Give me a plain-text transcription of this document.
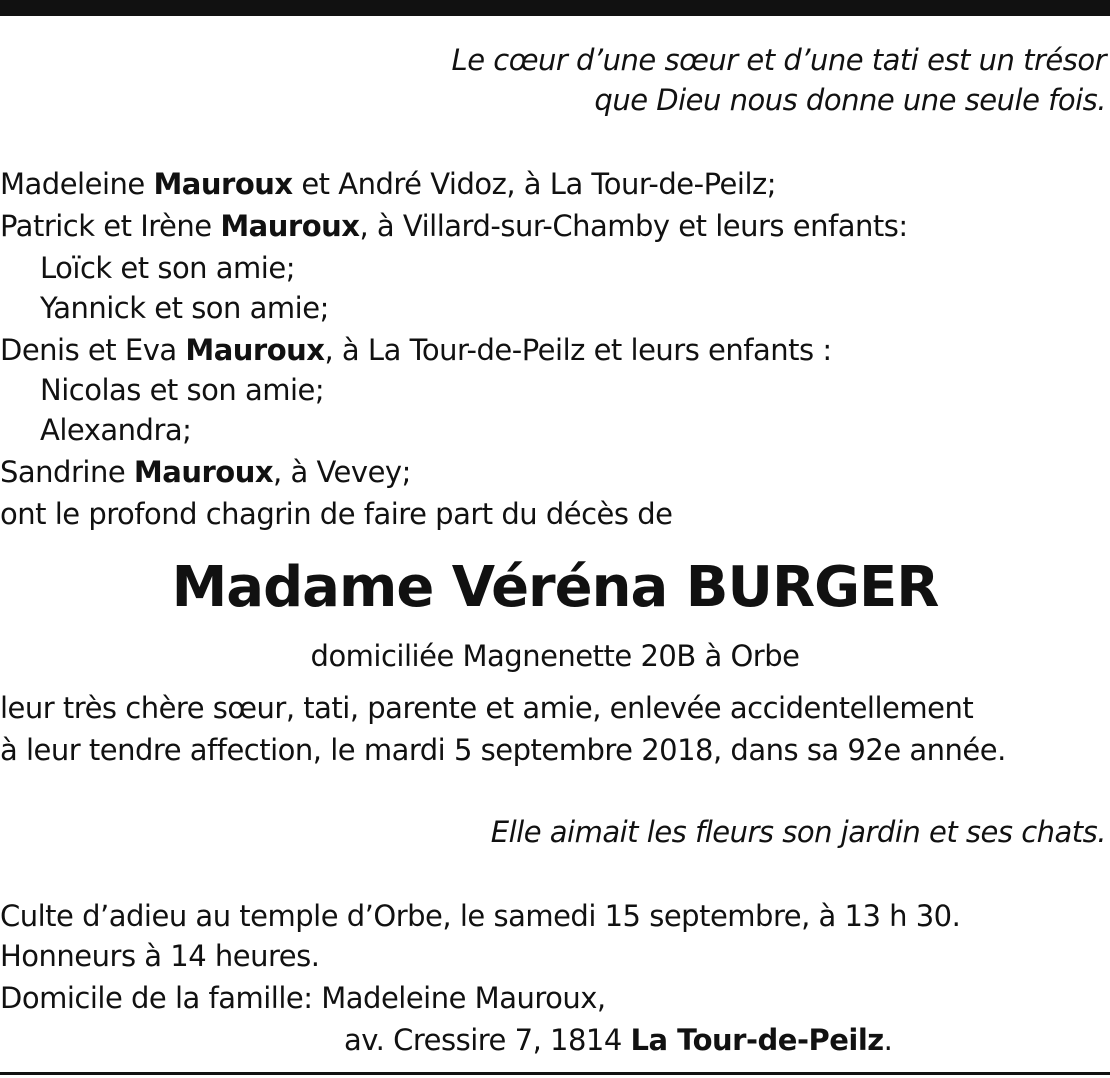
Le cœur d’une sœur et d’une tati est un trésor
que Dieu nous donne une seule fois.
Madeleine Mauroux et André Vidoz, à La Tour-de-Peilz;
Patrick et Irène Mauroux, à Villard-sur-Chamby et leurs enfants:
Loïck et son amie;
Yannick et son amie;
Denis et Eva Mauroux, à La Tour-de-Peilz et leurs enfants :
Nicolas et son amie;
Alexandra;
Sandrine Mauroux, à Vevey;
ont le profond chagrin de faire part du décès de
Madame Véréna BURGER
domiciliée Magnenette 20B à Orbe
leur très chère sœur, tati, parente et amie, enlevée accidentellement
à leur tendre affection, le mardi 5 septembre 2018, dans sa 92e année.
Elle aimait les fleurs son jardin et ses chats.
Culte d’adieu au temple d’Orbe, le samedi 15 septembre, à 13 h 30.
Honneurs à 14 heures.
Domicile de la famille: Madeleine Mauroux,
av. Cressire 7, 1814 La Tour-de-Peilz.
